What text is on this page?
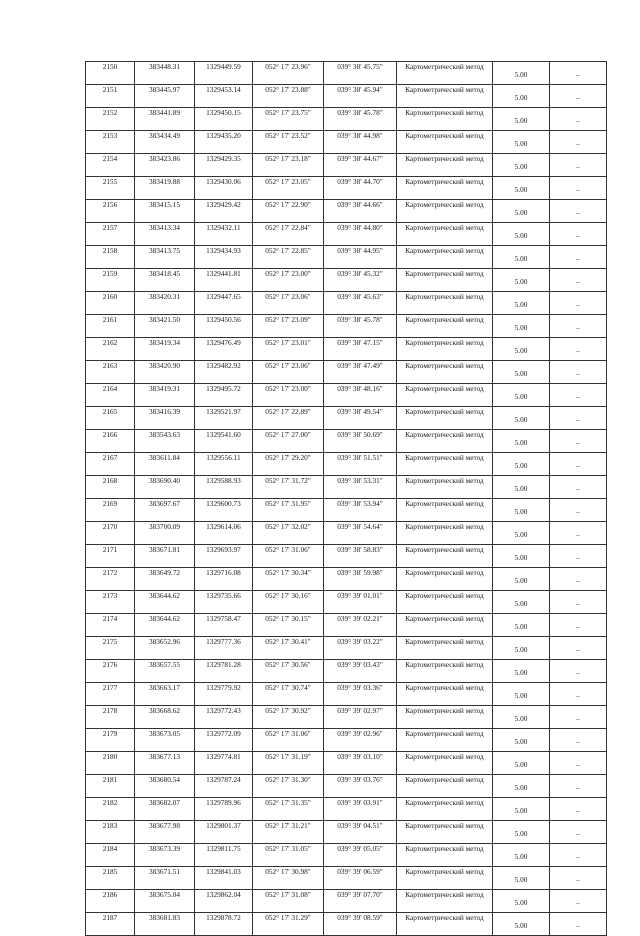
2150	383448.31	1329449.59	052° 17' 23.96"	039° 38' 45.75"	Картометрический метод	5.00	–
2151	383445.97	1329453.14	052° 17' 23.88"	039° 38' 45.94"	Картометрический метод	5.00	–
2152	383441.89	1329450.15	052° 17' 23.75"	039° 38' 45.78"	Картометрический метод	5.00	–
2153	383434.49	1329435.20	052° 17' 23.52"	039° 38' 44.98"	Картометрический метод	5.00	–
2154	383423.86	1329429.35	052° 17' 23.18"	039° 38' 44.67"	Картометрический метод	5.00	–
2155	383419.88	1329430.06	052° 17' 23.05"	039° 38' 44.70"	Картометрический метод	5.00	–
2156	383415.15	1329429.42	052° 17' 22.90"	039° 38' 44.66"	Картометрический метод	5.00	–
2157	383413.34	1329432.11	052° 17' 22.84"	039° 38' 44.80"	Картометрический метод	5.00	–
2158	383413.75	1329434.93	052° 17' 22.85"	039° 38' 44.95"	Картометрический метод	5.00	–
2159	383418.45	1329441.81	052° 17' 23.00"	039° 38' 45.32"	Картометрический метод	5.00	–
2160	383420.31	1329447.65	052° 17' 23.06"	039° 38' 45.63"	Картометрический метод	5.00	–
2161	383421.50	1329450.56	052° 17' 23.09"	039° 38' 45.78"	Картометрический метод	5.00	–
2162	383419.34	1329476.49	052° 17' 23.01"	039° 38' 47.15"	Картометрический метод	5.00	–
2163	383420.90	1329482.92	052° 17' 23.06"	039° 38' 47.49"	Картометрический метод	5.00	–
2164	383419.31	1329495.72	052° 17' 23.00"	039° 38' 48.16"	Картометрический метод	5.00	–
2165	383416.39	1329521.97	052° 17' 22.89"	039° 38' 49.54"	Картометрический метод	5.00	–
2166	383543.63	1329541.60	052° 17' 27.00"	039° 38' 50.69"	Картометрический метод	5.00	–
2167	383611.84	1329556.11	052° 17' 29.20"	039° 38' 51.51"	Картометрический метод	5.00	–
2168	383690.40	1329588.93	052° 17' 31.72"	039° 38' 53.31"	Картометрический метод	5.00	–
2169	383697.67	1329600.73	052° 17' 31.95"	039° 38' 53.94"	Картометрический метод	5.00	–
2170	383700.09	1329614.06	052° 17' 32.02"	039° 38' 54.64"	Картометрический метод	5.00	–
2171	383671.81	1329693.97	052° 17' 31.06"	039° 38' 58.83"	Картометрический метод	5.00	–
2172	383649.72	1329716.08	052° 17' 30.34"	039° 38' 59.98"	Картометрический метод	5.00	–
2173	383644.62	1329735.66	052° 17' 30.16"	039° 39' 01.01"	Картометрический метод	5.00	–
2174	383644.62	1329758.47	052° 17' 30.15"	039° 39' 02.21"	Картометрический метод	5.00	–
2175	383652.96	1329777.36	052° 17' 30.41"	039° 39' 03.22"	Картометрический метод	5.00	–
2176	383657.55	1329781.28	052° 17' 30.56"	039° 39' 03.43"	Картометрический метод	5.00	–
2177	383663.17	1329779.92	052° 17' 30.74"	039° 39' 03.36"	Картометрический метод	5.00	–
2178	383668.62	1329772.43	052° 17' 30.92"	039° 39' 02.97"	Картометрический метод	5.00	–
2179	383673.05	1329772.09	052° 17' 31.06"	039° 39' 02.96"	Картометрический метод	5.00	–
2180	383677.13	1329774.81	052° 17' 31.19"	039° 39' 03.10"	Картометрический метод	5.00	–
2181	383680.54	1329787.24	052° 17' 31.30"	039° 39' 03.76"	Картометрический метод	5.00	–
2182	383682.07	1329789.96	052° 17' 31.35"	039° 39' 03.91"	Картометрический метод	5.00	–
2183	383677.98	1329801.37	052° 17' 31.21"	039° 39' 04.51"	Картометрический метод	5.00	–
2184	383673.39	1329811.75	052° 17' 31.05"	039° 39' 05.05"	Картометрический метод	5.00	–
2185	383671.51	1329841.03	052° 17' 30.98"	039° 39' 06.59"	Картометрический метод	5.00	–
2186	383675.04	1329862.04	052° 17' 31.08"	039° 39' 07.70"	Картометрический метод	5.00	–
2187	383681.83	1329878.72	052° 17' 31.29"	039° 39' 08.59"	Картометрический метод	5.00	–
